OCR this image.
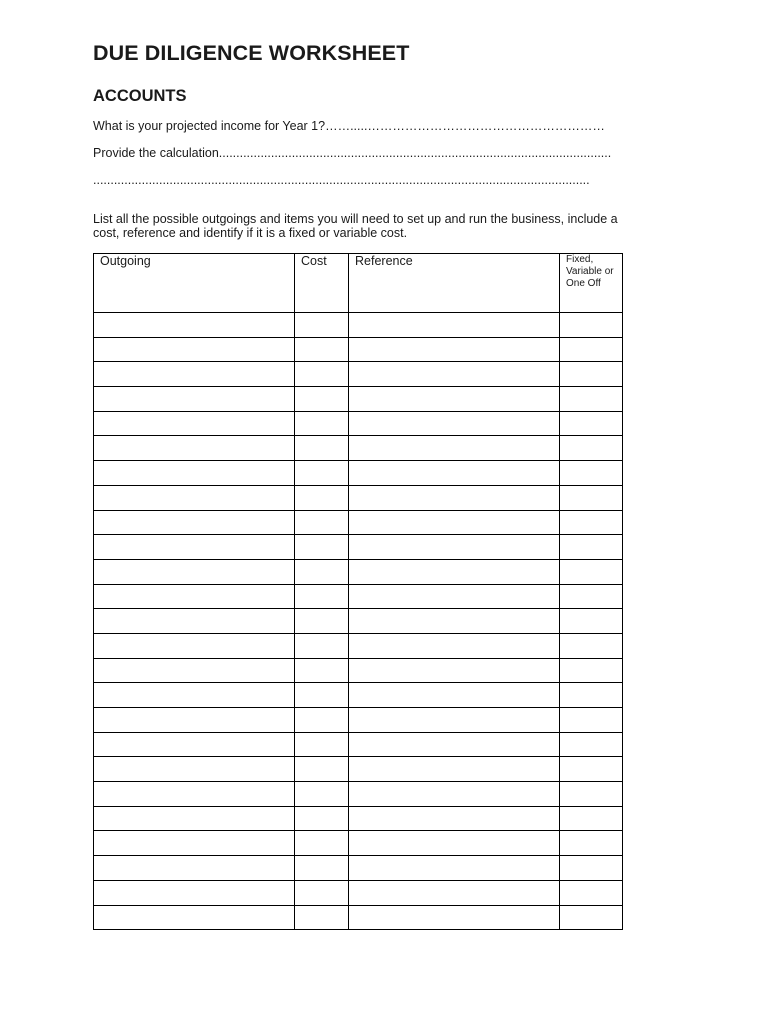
DUE DILIGENCE WORKSHEET
ACCOUNTS

What is your projected income for Year 1?…….....…………………………………………………

Provide the calculation.................................................................................................................

...............................................................................................................................................

List all the possible outgoings and items you will need to set up and run the business, include a cost, reference and identify if it is a fixed or variable cost.

Outgoing	Cost	Reference	Fixed, Variable or One Off
